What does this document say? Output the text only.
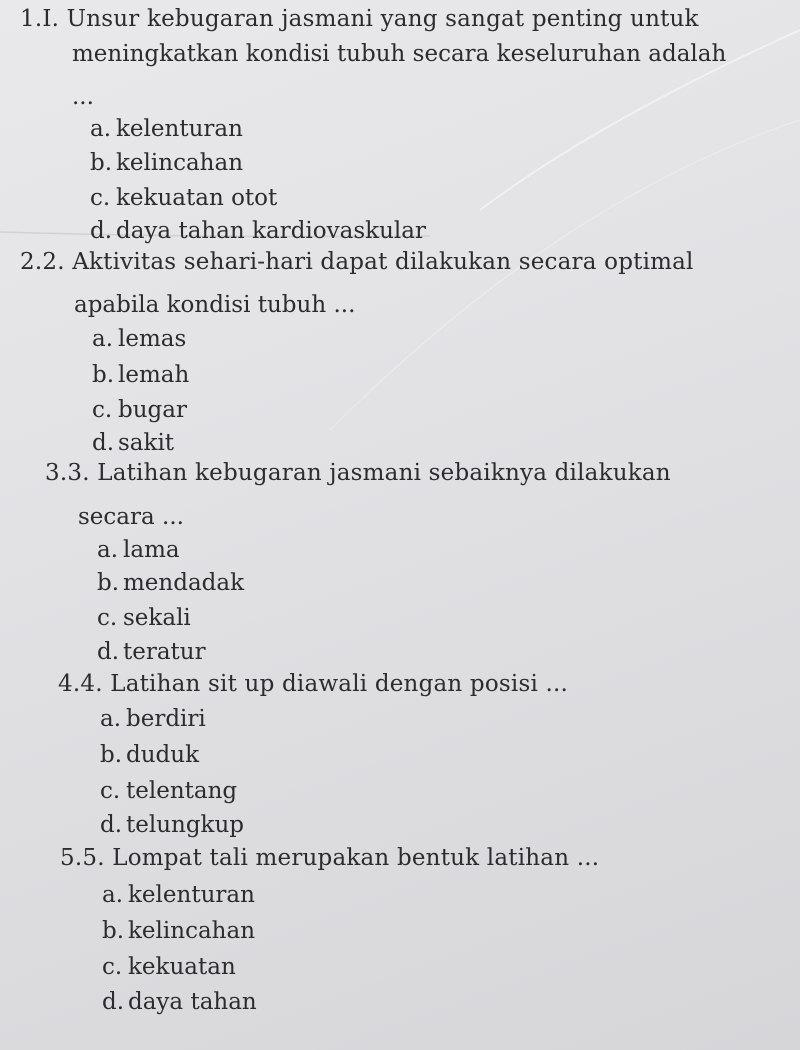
1.Ⅰ. Unsur kebugaran jasmani yang sangat penting untuk
meningkatkan kondisi tubuh secara keseluruhan adalah
...
a. kelenturan
b. kelincahan
c. kekuatan otot
d. daya tahan kardiovaskular
2.2. Aktivitas sehari-hari dapat dilakukan secara optimal
apabila kondisi tubuh ...
a. lemas
b. lemah
c. bugar
d. sakit
3.3. Latihan kebugaran jasmani sebaiknya dilakukan
secara ...
a. lama
b. mendadak
c. sekali
d. teratur
4.4. Latihan sit up diawali dengan posisi ...
a. berdiri
b. duduk
c. telentang
d. telungkup
5.5. Lompat tali merupakan bentuk latihan ...
a. kelenturan
b. kelincahan
c. kekuatan
d. daya tahan
